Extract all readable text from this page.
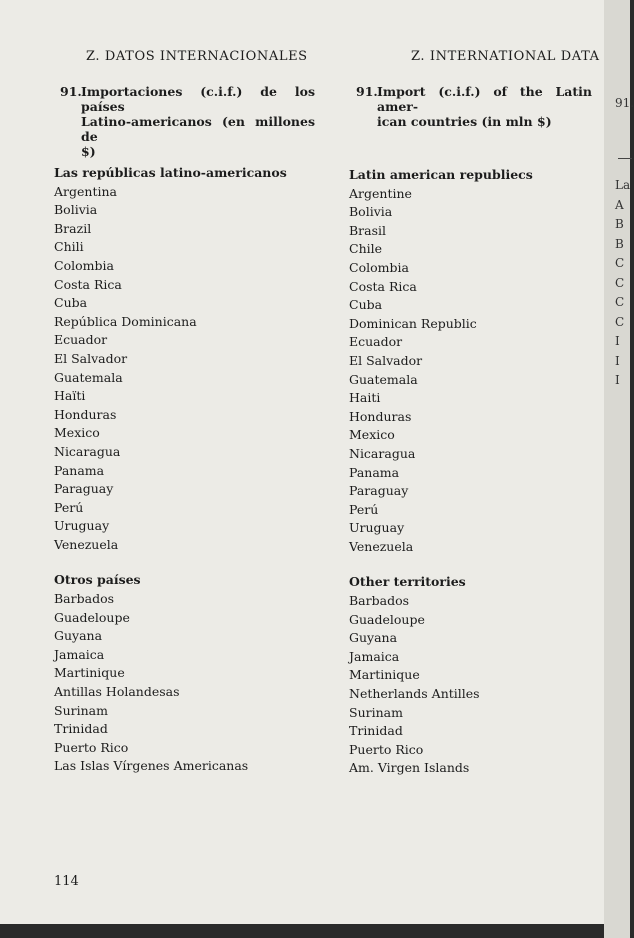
Z. DATOS INTERNACIONALES	Z. INTERNATIONAL DATA
91. Importaciones (c.i.f.) de los países
Latino-americanos (en millones de
$)
91. Import (c.i.f.) of the Latin amer-
ican countries (in mln $)
Las repúblicas latino-americanos
Argentina
Bolivia
Brazil
Chili
Colombia
Costa Rica
Cuba
República Dominicana
Ecuador
El Salvador
Guatemala
Haïti
Honduras
Mexico
Nicaragua
Panama
Paraguay
Perú
Uruguay
Venezuela
Otros países
Barbados
Guadeloupe
Guyana
Jamaica
Martinique
Antillas Holandesas
Surinam
Trinidad
Puerto Rico
Las Islas Vírgenes Americanas
Latin american republiecs
Argentine
Bolivia
Brasil
Chile
Colombia
Costa Rica
Cuba
Dominican Republic
Ecuador
El Salvador
Guatemala
Haiti
Honduras
Mexico
Nicaragua
Panama
Paraguay
Perú
Uruguay
Venezuela
Other territories
Barbados
Guadeloupe
Guyana
Jamaica
Martinique
Netherlands Antilles
Surinam
Trinidad
Puerto Rico
Am. Virgen Islands
114
91.
La
A
B
B
C
C
C
C
I
I
I
